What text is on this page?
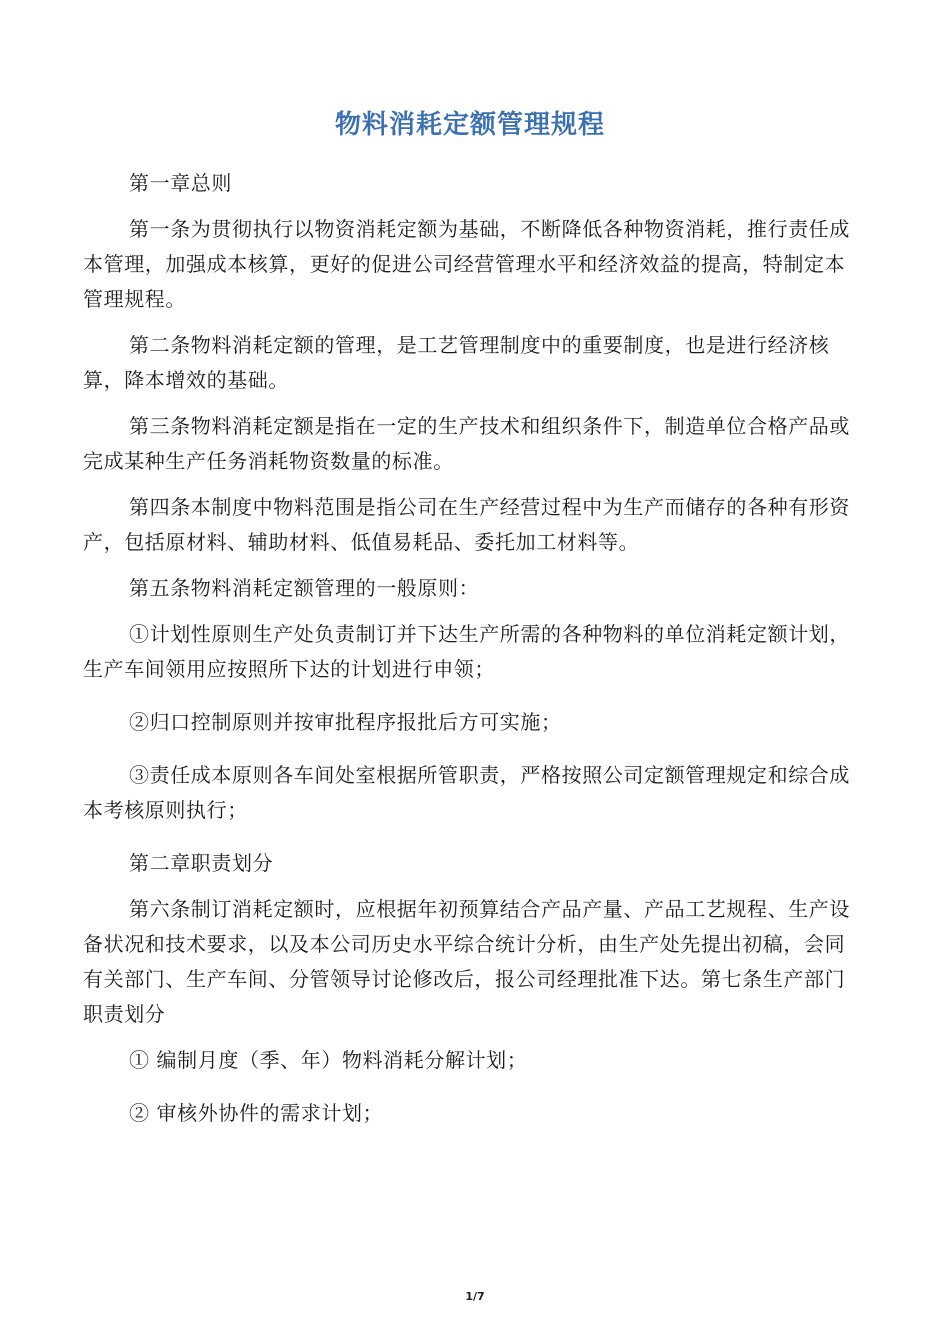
物料消耗定额管理规程

第一章总则

第一条为贯彻执行以物资消耗定额为基础，不断降低各种物资消耗，推行责任成本管理，加强成本核算，更好的促进公司经营管理水平和经济效益的提高，特制定本管理规程。

第二条物料消耗定额的管理，是工艺管理制度中的重要制度，也是进行经济核算，降本增效的基础。

第三条物料消耗定额是指在一定的生产技术和组织条件下，制造单位合格产品或完成某种生产任务消耗物资数量的标准。

第四条本制度中物料范围是指公司在生产经营过程中为生产而储存的各种有形资产，包括原材料、辅助材料、低值易耗品、委托加工材料等。

第五条物料消耗定额管理的一般原则：

①计划性原则生产处负责制订并下达生产所需的各种物料的单位消耗定额计划，生产车间领用应按照所下达的计划进行申领；

②归口控制原则并按审批程序报批后方可实施；

③责任成本原则各车间处室根据所管职责，严格按照公司定额管理规定和综合成本考核原则执行；

第二章职责划分

第六条制订消耗定额时，应根据年初预算结合产品产量、产品工艺规程、生产设备状况和技术要求，以及本公司历史水平综合统计分析，由生产处先提出初稿，会同有关部门、生产车间、分管领导讨论修改后，报公司经理批准下达。第七条生产部门职责划分

① 编制月度（季、年）物料消耗分解计划；

② 审核外协件的需求计划；

1/7
